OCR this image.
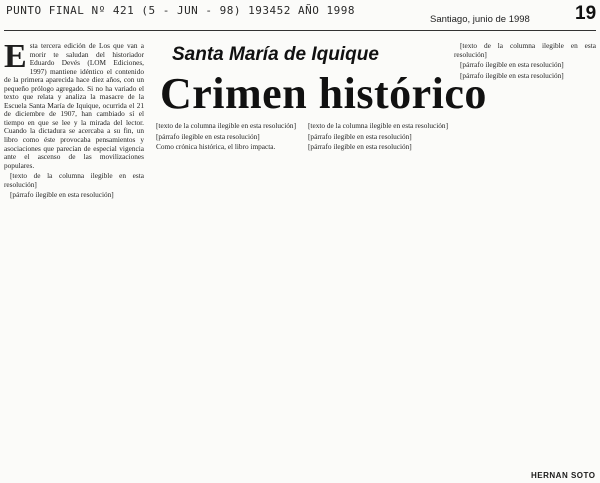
PUNTO FINAL Nº 421 (5 - JUN - 98) 193452 AÑO 1998
Santiago, junio de 1998 19
Santa María de Iquique
Crimen histórico

Esta tercera edición de Los que van a morir te saludan del historiador Eduardo Devés (LOM Ediciones, 1997) mantiene idéntico el contenido de la primera aparecida hace diez años, con un pequeño prólogo agregado. Si no ha variado el texto que relata y analiza la masacre de la Escuela Santa María de Iquique, ocurrida el 21 de diciembre de 1907, han cambiado sí el tiempo en que se lee y la mirada del lector. Cuando la dictadura se acercaba a su fin, un libro como éste provocaba pensamientos y asociaciones que parecían de especial vigencia ante el ascenso de las movilizaciones populares.

[texto de la columna ilegible en esta resolución]

[párrafo ilegible en esta resolución]

[texto de la columna ilegible en esta resolución]

[párrafo ilegible en esta resolución]

Como crónica histórica, el libro impacta.

[texto de la columna ilegible en esta resolución]

[párrafo ilegible en esta resolución]

[párrafo ilegible en esta resolución]

[texto de la columna ilegible en esta resolución]

[párrafo ilegible en esta resolución]

[párrafo ilegible en esta resolución]

HERNAN SOTO
